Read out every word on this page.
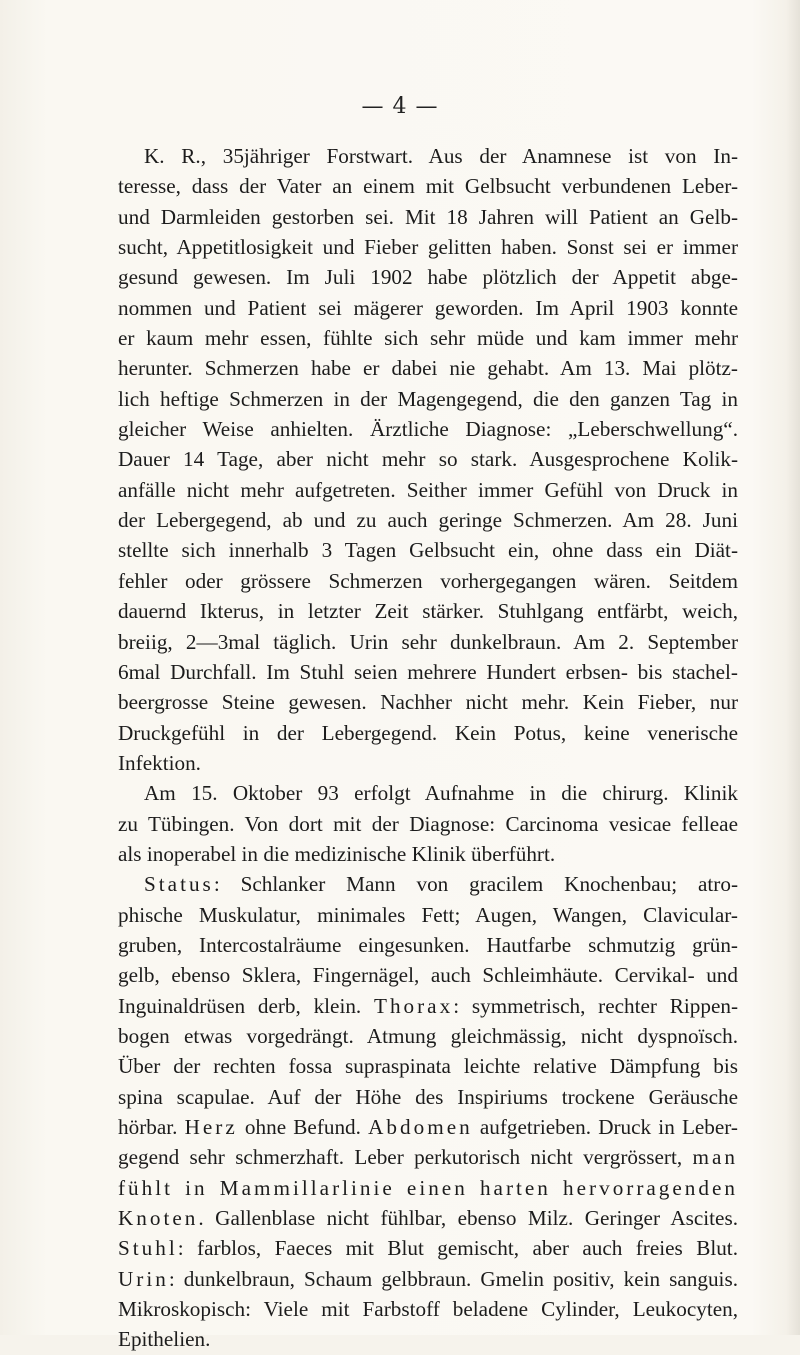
— 4 —
K. R., 35jähriger Forstwart. Aus der Anamnese ist von In-
teresse, dass der Vater an einem mit Gelbsucht verbundenen Leber-
und Darmleiden gestorben sei. Mit 18 Jahren will Patient an Gelb-
sucht, Appetitlosigkeit und Fieber gelitten haben. Sonst sei er immer
gesund gewesen. Im Juli 1902 habe plötzlich der Appetit abge-
nommen und Patient sei mägerer geworden. Im April 1903 konnte
er kaum mehr essen, fühlte sich sehr müde und kam immer mehr
herunter. Schmerzen habe er dabei nie gehabt. Am 13. Mai plötz-
lich heftige Schmerzen in der Magengegend, die den ganzen Tag in
gleicher Weise anhielten. Ärztliche Diagnose: „Leberschwellung“.
Dauer 14 Tage, aber nicht mehr so stark. Ausgesprochene Kolik-
anfälle nicht mehr aufgetreten. Seither immer Gefühl von Druck in
der Lebergegend, ab und zu auch geringe Schmerzen. Am 28. Juni
stellte sich innerhalb 3 Tagen Gelbsucht ein, ohne dass ein Diät-
fehler oder grössere Schmerzen vorhergegangen wären. Seitdem
dauernd Ikterus, in letzter Zeit stärker. Stuhlgang entfärbt, weich,
breiig, 2—3mal täglich. Urin sehr dunkelbraun. Am 2. September
6mal Durchfall. Im Stuhl seien mehrere Hundert erbsen- bis stachel-
beergrosse Steine gewesen. Nachher nicht mehr. Kein Fieber, nur
Druckgefühl in der Lebergegend. Kein Potus, keine venerische
Infektion.
Am 15. Oktober 93 erfolgt Aufnahme in die chirurg. Klinik
zu Tübingen. Von dort mit der Diagnose: Carcinoma vesicae felleae
als inoperabel in die medizinische Klinik überführt.
Status: Schlanker Mann von gracilem Knochenbau; atro-
phische Muskulatur, minimales Fett; Augen, Wangen, Clavicular-
gruben, Intercostalräume eingesunken. Hautfarbe schmutzig grün-
gelb, ebenso Sklera, Fingernägel, auch Schleimhäute. Cervikal- und
Inguinaldrüsen derb, klein. Thorax: symmetrisch, rechter Rippen-
bogen etwas vorgedrängt. Atmung gleichmässig, nicht dyspnoïsch.
Über der rechten fossa supraspinata leichte relative Dämpfung bis
spina scapulae. Auf der Höhe des Inspiriums trockene Geräusche
hörbar. Herz ohne Befund. Abdomen aufgetrieben. Druck in Leber-
gegend sehr schmerzhaft. Leber perkutorisch nicht vergrössert, man
fühlt in Mammillarlinie einen harten hervorragenden
Knoten. Gallenblase nicht fühlbar, ebenso Milz. Geringer Ascites.
Stuhl: farblos, Faeces mit Blut gemischt, aber auch freies Blut.
Urin: dunkelbraun, Schaum gelbbraun. Gmelin positiv, kein sanguis.
Mikroskopisch: Viele mit Farbstoff beladene Cylinder, Leukocyten,
Epithelien.
